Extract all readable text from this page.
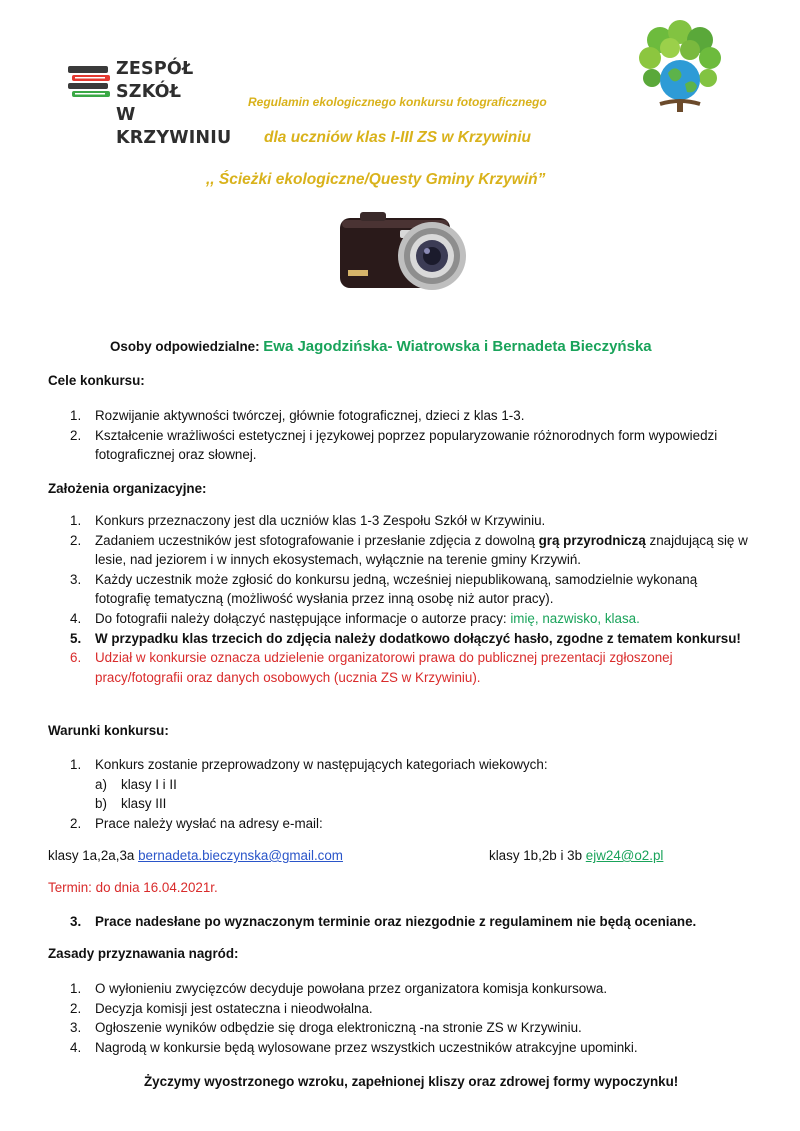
ZESPÓŁ SZKÓŁ
W KRZYWINIU
Regulamin ekologicznego konkursu fotograficznego
dla uczniów klas I-III ZS w Krzywiniu
,, Ścieżki ekologiczne/Questy Gminy Krzywiń”
Osoby odpowiedzialne: Ewa Jagodzińska- Wiatrowska i Bernadeta Bieczyńska
Cele konkursu:
1. Rozwijanie aktywności twórczej, głównie fotograficznej, dzieci z klas 1-3.
2. Kształcenie wrażliwości estetycznej i językowej poprzez popularyzowanie różnorodnych form wypowiedzi fotograficznej oraz słownej.
Założenia organizacyjne:
1. Konkurs przeznaczony jest dla uczniów klas 1-3 Zespołu Szkół w Krzywiniu.
2. Zadaniem uczestników jest sfotografowanie i przesłanie zdjęcia z dowolną grą przyrodniczą znajdującą się w lesie, nad jeziorem i w innych ekosystemach, wyłącznie na terenie gminy Krzywiń.
3. Każdy uczestnik może zgłosić do konkursu jedną, wcześniej niepublikowaną, samodzielnie wykonaną fotografię tematyczną (możliwość wysłania przez inną osobę niż autor pracy).
4. Do fotografii należy dołączyć następujące informacje o autorze pracy: imię, nazwisko, klasa.
5. W przypadku klas trzecich do zdjęcia należy dodatkowo dołączyć hasło, zgodne z tematem konkursu!
6. Udział w konkursie oznacza udzielenie organizatorowi prawa do publicznej prezentacji zgłoszonej pracy/fotografii oraz danych osobowych (ucznia ZS w Krzywiniu).
Warunki konkursu:
1. Konkurs zostanie przeprowadzony w następujących kategoriach wiekowych:
a) klasy I i II
b) klasy III
2. Prace należy wysłać na adresy e-mail:
klasy 1a,2a,3a bernadeta.bieczynska@gmail.com	klasy 1b,2b i 3b ejw24@o2.pl
Termin: do dnia 16.04.2021r.
3. Prace nadesłane po wyznaczonym terminie oraz niezgodnie z regulaminem nie będą oceniane.
Zasady przyznawania nagród:
1. O wyłonieniu zwycięzców decyduje powołana przez organizatora komisja konkursowa.
2. Decyzja komisji jest ostateczna i nieodwołalna.
3. Ogłoszenie wyników odbędzie się droga elektroniczną -na stronie ZS w Krzywiniu.
4. Nagrodą w konkursie będą wylosowane przez wszystkich uczestników atrakcyjne upominki.
Życzymy wyostrzonego wzroku, zapełnionej kliszy oraz zdrowej formy wypoczynku!
